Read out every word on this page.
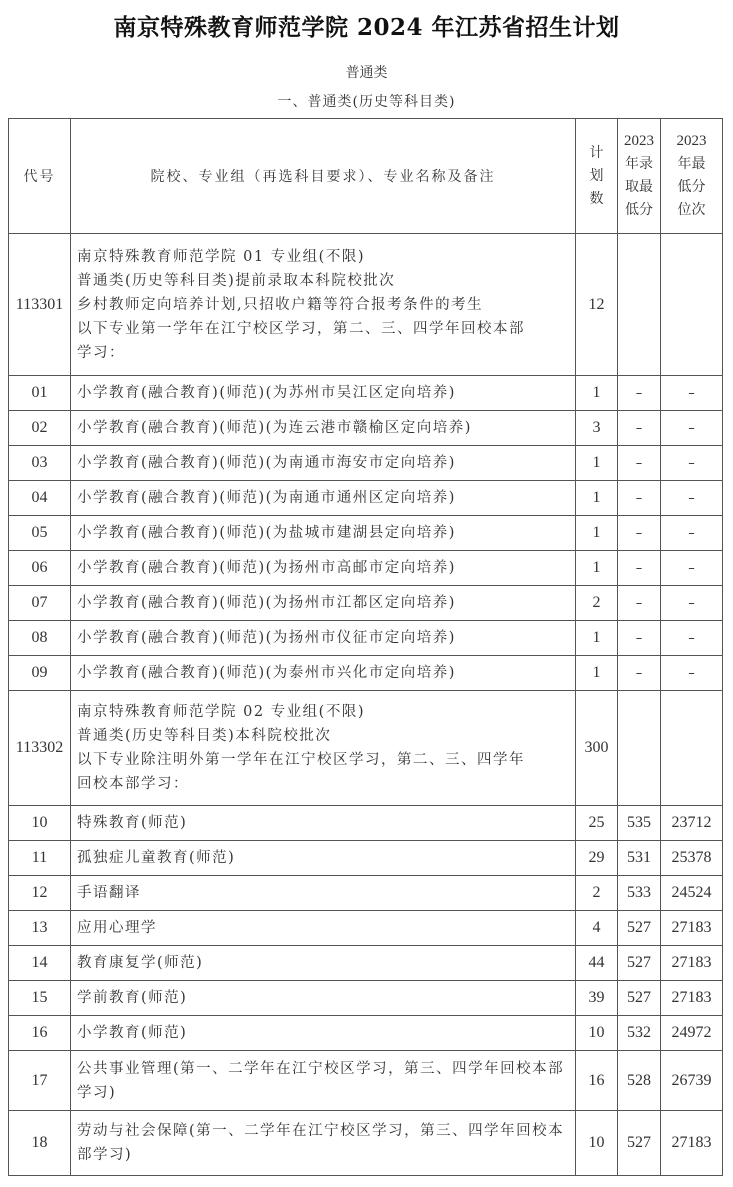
南京特殊教育师范学院 2024 年江苏省招生计划
普通类
一、普通类(历史等科目类)
代号	院校、专业组（再选科目要求）、专业名称及备注	计
划
数	2023
年录
取最
低分	2023
年最
低分
位次

113301	南京特殊教育师范学院 01 专业组(不限)
普通类(历史等科目类)提前录取本科院校批次
乡村教师定向培养计划,只招收户籍等符合报考条件的考生
以下专业第一学年在江宁校区学习，第二、三、四学年回校本部
学习：	12		
01	小学教育(融合教育)(师范)(为苏州市吴江区定向培养)	1	–	–
02	小学教育(融合教育)(师范)(为连云港市赣榆区定向培养)	3	–	–
03	小学教育(融合教育)(师范)(为南通市海安市定向培养)	1	–	–
04	小学教育(融合教育)(师范)(为南通市通州区定向培养)	1	–	–
05	小学教育(融合教育)(师范)(为盐城市建湖县定向培养)	1	–	–
06	小学教育(融合教育)(师范)(为扬州市高邮市定向培养)	1	–	–
07	小学教育(融合教育)(师范)(为扬州市江都区定向培养)	2	–	–
08	小学教育(融合教育)(师范)(为扬州市仪征市定向培养)	1	–	–
09	小学教育(融合教育)(师范)(为泰州市兴化市定向培养)	1	–	–
113302	南京特殊教育师范学院 02 专业组(不限)
普通类(历史等科目类)本科院校批次
以下专业除注明外第一学年在江宁校区学习，第二、三、四学年
回校本部学习：	300		
10	特殊教育(师范)	25	535	23712
11	孤独症儿童教育(师范)	29	531	25378
12	手语翻译	2	533	24524
13	应用心理学	4	527	27183
14	教育康复学(师范)	44	527	27183
15	学前教育(师范)	39	527	27183
16	小学教育(师范)	10	532	24972
17	公共事业管理(第一、二学年在江宁校区学习，第三、四学年回校本部学习)	16	528	26739
18	劳动与社会保障(第一、二学年在江宁校区学习，第三、四学年回校本部学习)	10	527	27183
